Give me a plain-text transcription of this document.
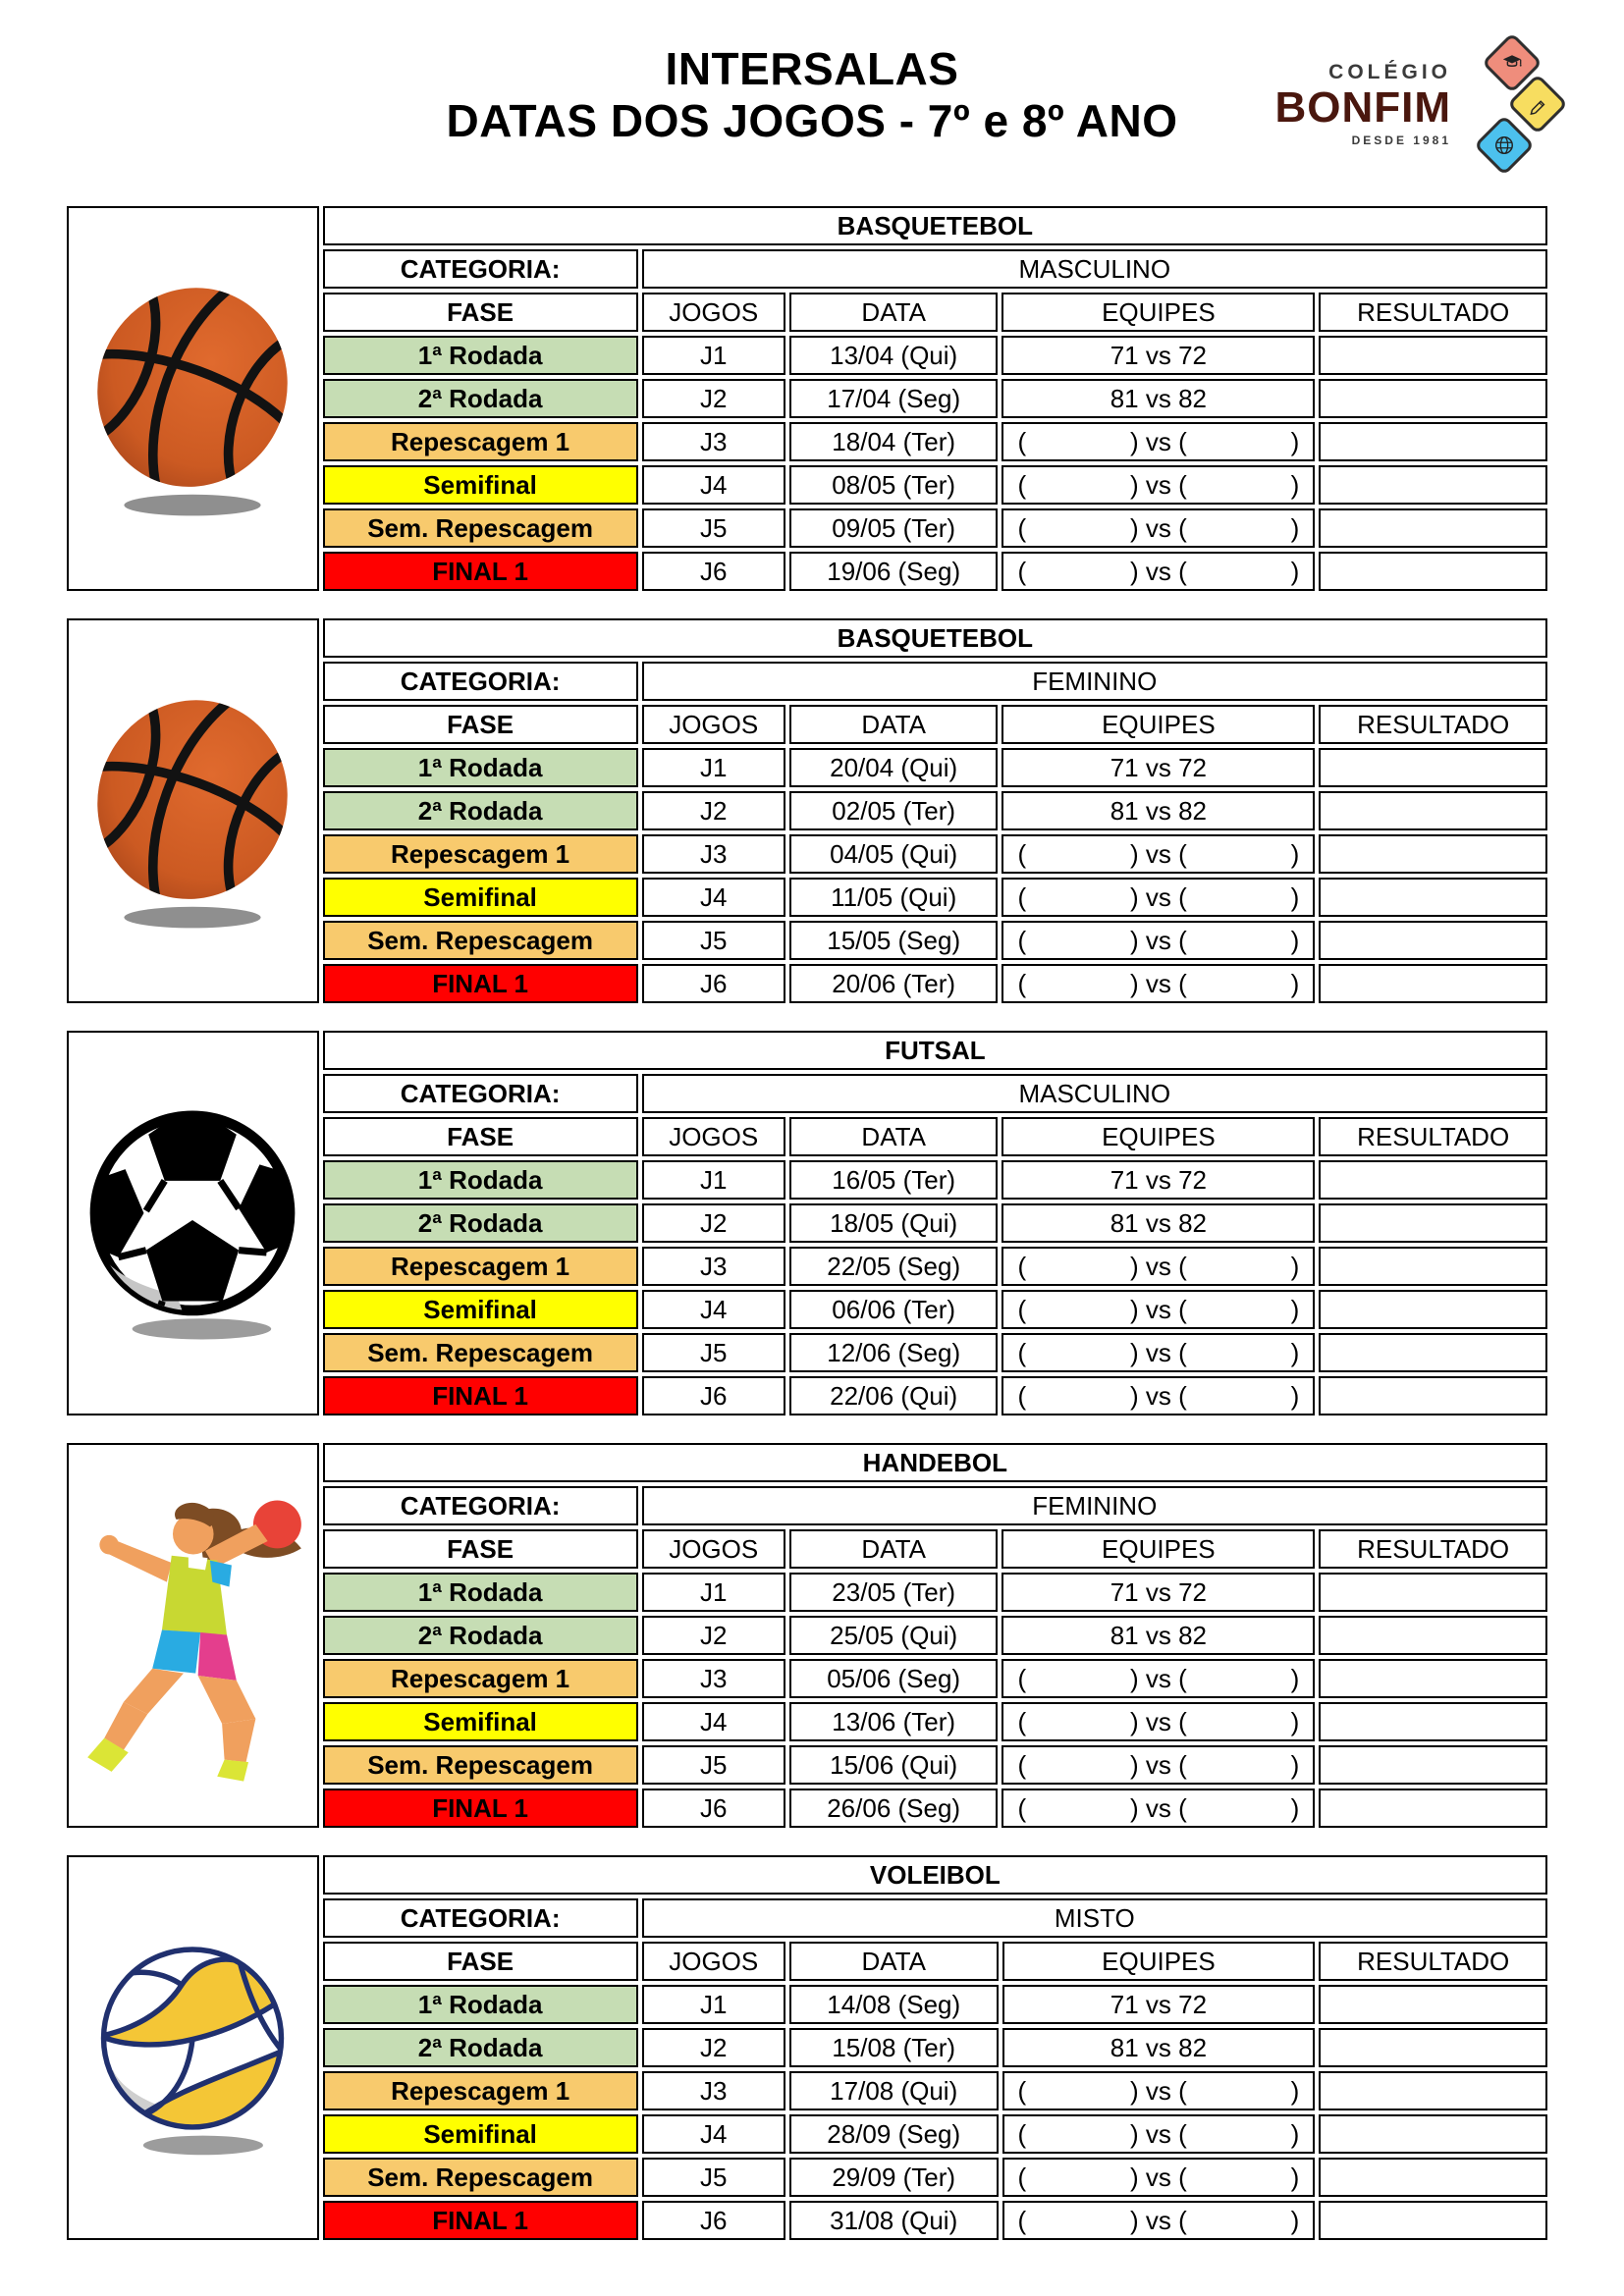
INTERSALAS
DATAS DOS JOGOS - 7º e 8º ANO
COLÉGIO
BONFIM
DESDE 1981
	BASQUETEBOL				
	CATEGORIA:	MASCULINO			
	FASE	JOGOS	DATA	EQUIPES	RESULTADO
	1ª Rodada	J1	13/04 (Qui)	71 vs 72	
	2ª Rodada	J2	17/04 (Seg)	81 vs 82	
	Repescagem 1	J3	18/04 (Ter)	( ) vs ( )	

	Semifinal	J4	08/05 (Ter)	( ) vs ( )	

	Sem. Repescagem	J5	09/05 (Ter)	( ) vs ( )	

	FINAL 1	J6	19/06 (Seg)	( ) vs ( )	

	BASQUETEBOL				
	CATEGORIA:	FEMININO			
	FASE	JOGOS	DATA	EQUIPES	RESULTADO
	1ª Rodada	J1	20/04 (Qui)	71 vs 72	
	2ª Rodada	J2	02/05 (Ter)	81 vs 82	
	Repescagem 1	J3	04/05 (Qui)	( ) vs ( )	

	Semifinal	J4	11/05 (Qui)	( ) vs ( )	

	Sem. Repescagem	J5	15/05 (Seg)	( ) vs ( )	

	FINAL 1	J6	20/06 (Ter)	( ) vs ( )	

	FUTSAL				
	CATEGORIA:	MASCULINO			
	FASE	JOGOS	DATA	EQUIPES	RESULTADO
	1ª Rodada	J1	16/05 (Ter)	71 vs 72	
	2ª Rodada	J2	18/05 (Qui)	81 vs 82	
	Repescagem 1	J3	22/05 (Seg)	( ) vs ( )	

	Semifinal	J4	06/06 (Ter)	( ) vs ( )	

	Sem. Repescagem	J5	12/06 (Seg)	( ) vs ( )	

	FINAL 1	J6	22/06 (Qui)	( ) vs ( )	

	HANDEBOL				
	CATEGORIA:	FEMININO			
	FASE	JOGOS	DATA	EQUIPES	RESULTADO
	1ª Rodada	J1	23/05 (Ter)	71 vs 72	
	2ª Rodada	J2	25/05 (Qui)	81 vs 82	
	Repescagem 1	J3	05/06 (Seg)	( ) vs ( )	

	Semifinal	J4	13/06 (Ter)	( ) vs ( )	

	Sem. Repescagem	J5	15/06 (Qui)	( ) vs ( )	

	FINAL 1	J6	26/06 (Seg)	( ) vs ( )	

	VOLEIBOL				
	CATEGORIA:	MISTO			
	FASE	JOGOS	DATA	EQUIPES	RESULTADO
	1ª Rodada	J1	14/08 (Seg)	71 vs 72	
	2ª Rodada	J2	15/08 (Ter)	81 vs 82	
	Repescagem 1	J3	17/08 (Qui)	( ) vs ( )	

	Semifinal	J4	28/09 (Seg)	( ) vs ( )	

	Sem. Repescagem	J5	29/09 (Ter)	( ) vs ( )	

	FINAL 1	J6	31/08 (Qui)	( ) vs ( )	
